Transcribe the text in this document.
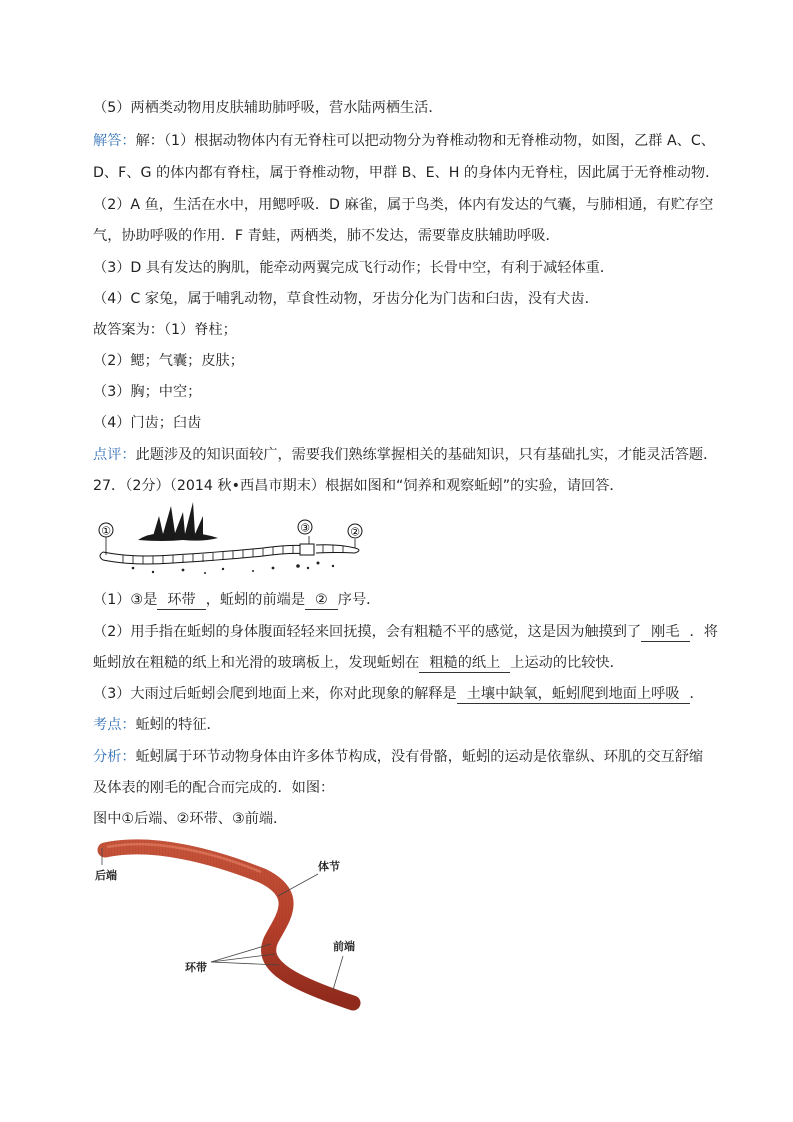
（5）两栖类动物用皮肤辅助肺呼吸，营水陆两栖生活．
解答：解：（1）根据动物体内有无脊柱可以把动物分为脊椎动物和无脊椎动物，如图，乙群 A、C、
D、F、G 的体内都有脊柱，属于脊椎动物，甲群 B、E、H 的身体内无脊柱，因此属于无脊椎动物．
（2）A 鱼，生活在水中，用鳃呼吸．D 麻雀，属于鸟类，体内有发达的气囊，与肺相通，有贮存空
气，协助呼吸的作用．F 青蛙，两栖类，肺不发达，需要靠皮肤辅助呼吸．
（3）D 具有发达的胸肌，能牵动两翼完成飞行动作；长骨中空，有利于减轻体重．
（4）C 家兔，属于哺乳动物，草食性动物，牙齿分化为门齿和臼齿，没有犬齿．
故答案为：（1）脊柱；
（2）鳃；气囊；皮肤；
（3）胸；中空；
（4）门齿；臼齿
点评：此题涉及的知识面较广，需要我们熟练掌握相关的基础知识，只有基础扎实，才能灵活答题．
27．（2分）（2014 秋•西昌市期末）根据如图和“饲养和观察蚯蚓”的实验，请回答．
①	③	②
（1）③是 环带 ，蚯蚓的前端是 ② 序号．
（2）用手指在蚯蚓的身体腹面轻轻来回抚摸，会有粗糙不平的感觉，这是因为触摸到了 刚毛 ．将
蚯蚓放在粗糙的纸上和光滑的玻璃板上，发现蚯蚓在 粗糙的纸上 上运动的比较快．
（3）大雨过后蚯蚓会爬到地面上来，你对此现象的解释是 土壤中缺氧，蚯蚓爬到地面上呼吸 ．
考点：蚯蚓的特征．
分析：蚯蚓属于环节动物身体由许多体节构成，没有骨骼，蚯蚓的运动是依靠纵、环肌的交互舒缩
及体表的刚毛的配合而完成的．如图：
图中①后端、②环带、③前端．
后端
体节
环带
前端
